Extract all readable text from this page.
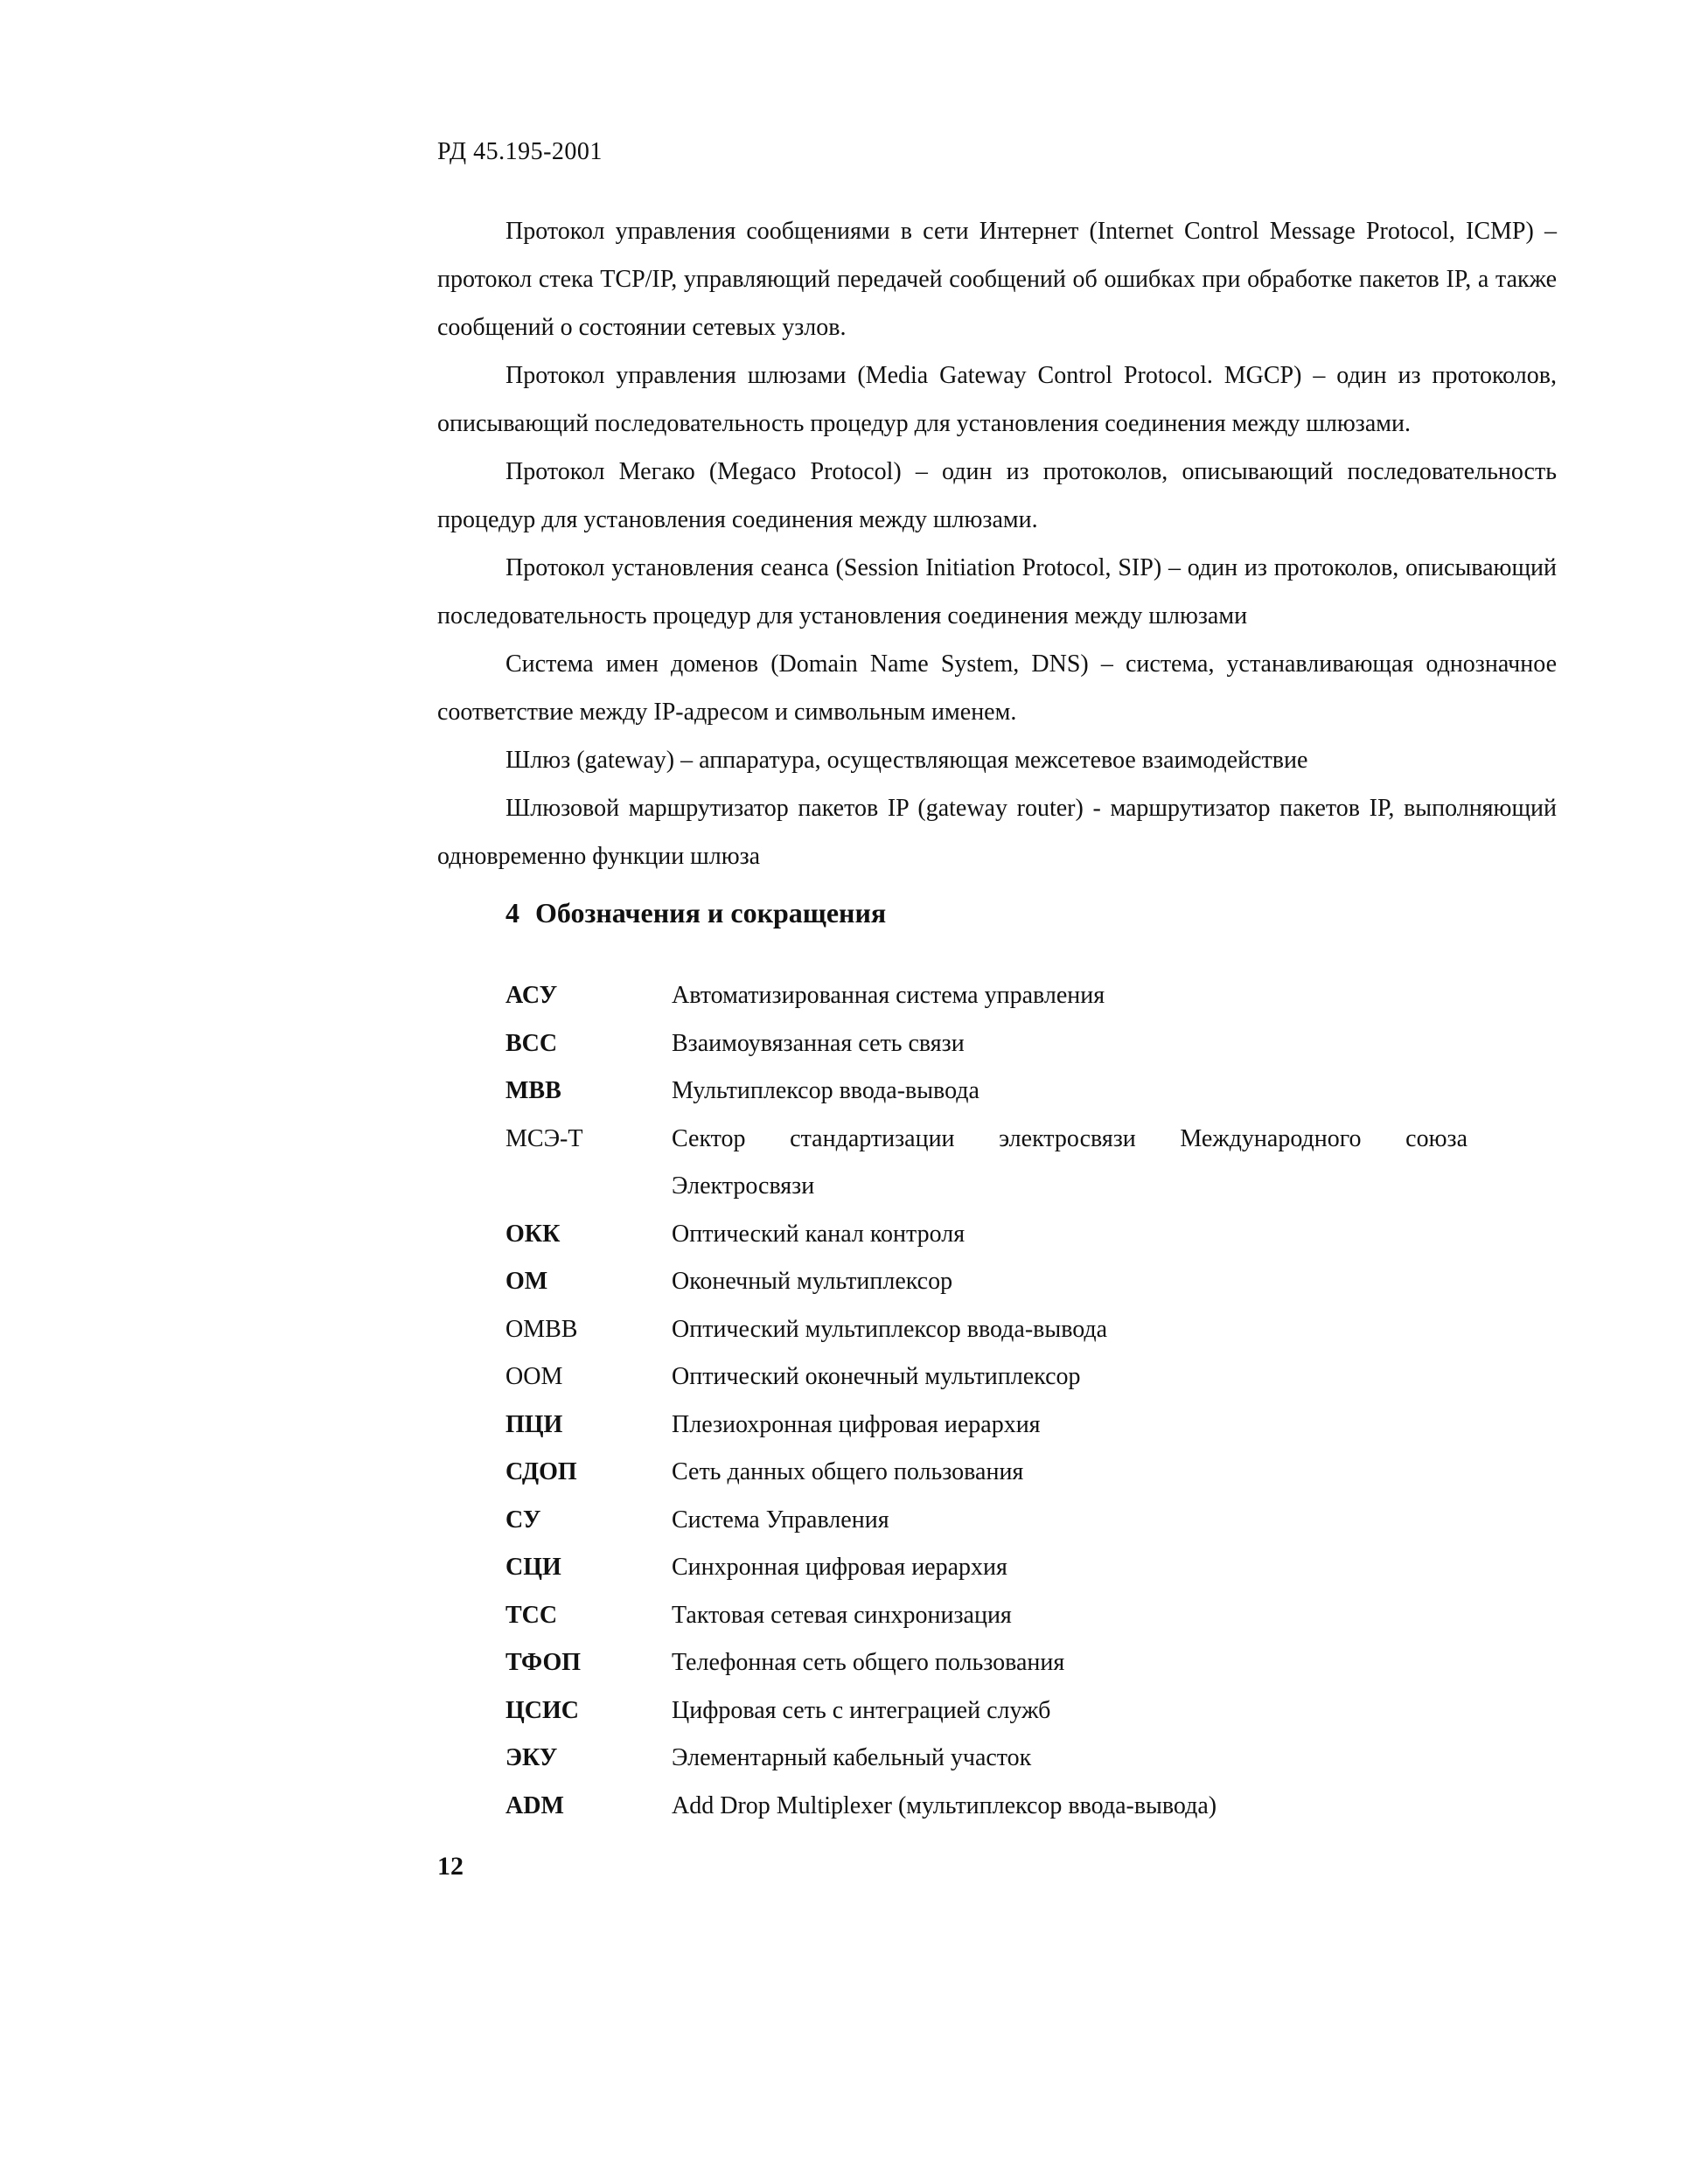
РД 45.195-2001

Протокол управления сообщениями в сети Интернет (Internet Control Message Protocol, ICMP) – протокол стека TCP/IP, управляющий передачей сообщений об ошибках при обработке пакетов IP, а также сообщений о состоянии сетевых узлов.

Протокол управления шлюзами (Media Gateway Control Protocol. MGCP) – один из протоколов, описывающий последовательность процедур для установления соединения между шлюзами.

Протокол Мегако (Megaco Protocol) – один из протоколов, описывающий последовательность процедур для установления соединения между шлюзами.

Протокол установления сеанса (Session Initiation Protocol, SIP) – один из протоколов, описывающий последовательность процедур для установления соединения между шлюзами

Система имен доменов (Domain Name System, DNS) – система, устанавливающая однозначное соответствие между IP-адресом и символьным именем.

Шлюз (gateway) – аппаратура, осуществляющая межсетевое взаимодействие

Шлюзовой маршрутизатор пакетов IP (gateway router) - маршрутизатор пакетов IP, выполняющий одновременно функции шлюза

4 Обозначения и сокращения
АСУ	Автоматизированная система управления
ВСС	Взаимоувязанная сеть связи
МВВ	Мультиплексор ввода-вывода
МСЭ-Т	Сектор стандартизации электросвязи Международного союза
Электросвязи
ОКК	Оптический канал контроля
ОМ	Оконечный мультиплексор
ОМВВ	Оптический мультиплексор ввода-вывода
ООМ	Оптический оконечный мультиплексор
ПЦИ	Плезиохронная цифровая иерархия
СДОП	Сеть данных общего пользования
СУ	Система Управления
СЦИ	Синхронная цифровая иерархия
ТСС	Тактовая сетевая синхронизация
ТФОП	Телефонная сеть общего пользования
ЦСИС	Цифровая сеть с интеграцией служб
ЭКУ	Элементарный кабельный участок
ADM	Add Drop Multiplexer (мультиплексор ввода-вывода)
12
